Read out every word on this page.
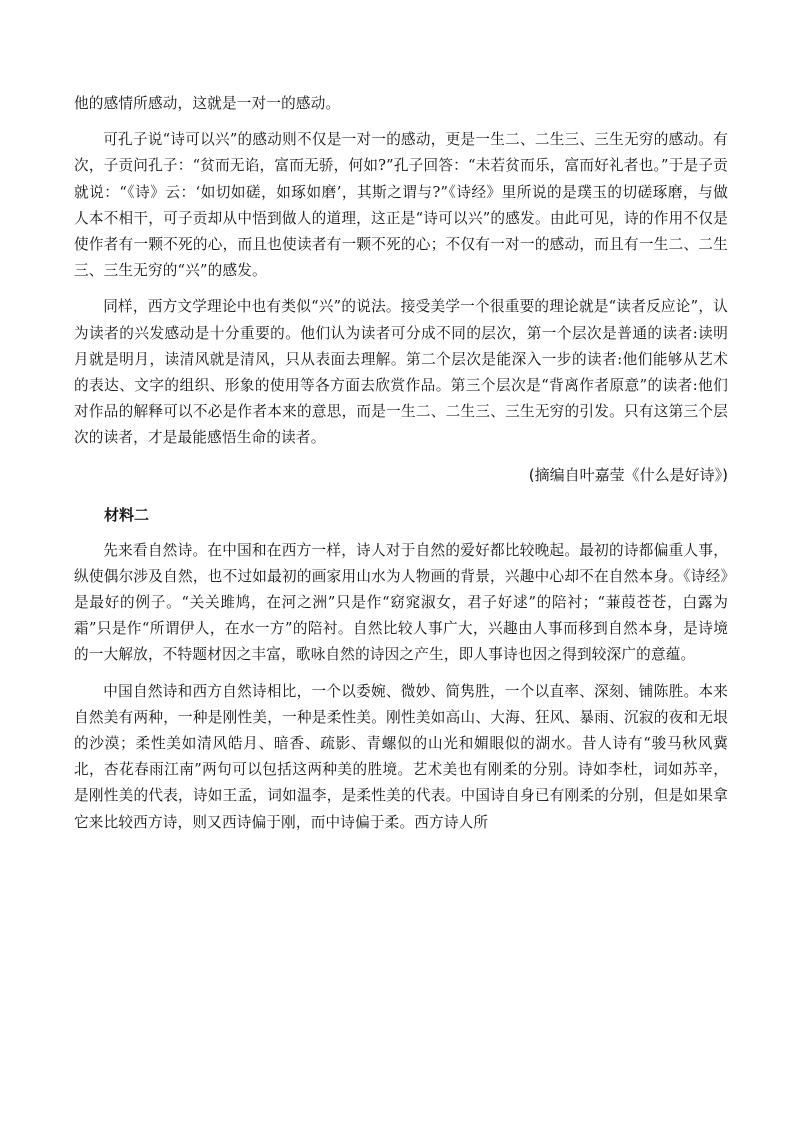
他的感情所感动，这就是一对一的感动。

可孔子说“诗可以兴”的感动则不仅是一对一的感动，更是一生二、二生三、三生无穷的感动。有次，子贡问孔子：“贫而无谄，富而无骄，何如?”孔子回答：“未若贫而乐，富而好礼者也。”于是子贡就说：“《诗》云：‘如切如磋，如琢如磨’，其斯之谓与?”《诗经》里所说的是璞玉的切磋琢磨，与做人本不相干，可子贡却从中悟到做人的道理，这正是“诗可以兴”的感发。由此可见，诗的作用不仅是使作者有一颗不死的心，而且也使读者有一颗不死的心；不仅有一对一的感动，而且有一生二、二生三、三生无穷的“兴”的感发。

同样，西方文学理论中也有类似“兴”的说法。接受美学一个很重要的理论就是“读者反应论”，认为读者的兴发感动是十分重要的。他们认为读者可分成不同的层次，第一个层次是普通的读者:读明月就是明月，读清风就是清风，只从表面去理解。第二个层次是能深入一步的读者:他们能够从艺术的表达、文字的组织、形象的使用等各方面去欣赏作品。第三个层次是“背离作者原意”的读者:他们对作品的解释可以不必是作者本来的意思，而是一生二、二生三、三生无穷的引发。只有这第三个层次的读者，才是最能感悟生命的读者。

(摘编自叶嘉莹《什么是好诗》)

材料二

先来看自然诗。在中国和在西方一样，诗人对于自然的爱好都比较晚起。最初的诗都偏重人事，纵使偶尔涉及自然，也不过如最初的画家用山水为人物画的背景，兴趣中心却不在自然本身。《诗经》是最好的例子。“关关雎鸠，在河之洲”只是作“窈窕淑女，君子好逑”的陪衬；“蒹葭苍苍，白露为霜”只是作“所谓伊人，在水一方”的陪衬。自然比较人事广大，兴趣由人事而移到自然本身，是诗境的一大解放，不特题材因之丰富，歌咏自然的诗因之产生，即人事诗也因之得到较深广的意蕴。

中国自然诗和西方自然诗相比，一个以委婉、微妙、简隽胜，一个以直率、深刻、铺陈胜。本来自然美有两种，一种是刚性美，一种是柔性美。刚性美如高山、大海、狂风、暴雨、沉寂的夜和无垠的沙漠；柔性美如清风皓月、暗香、疏影、青螺似的山光和媚眼似的湖水。昔人诗有“骏马秋风冀北，杏花春雨江南”两句可以包括这两种美的胜境。艺术美也有刚柔的分别。诗如李杜，词如苏辛，是刚性美的代表，诗如王孟，词如温李，是柔性美的代表。中国诗自身已有刚柔的分别，但是如果拿它来比较西方诗，则又西诗偏于刚，而中诗偏于柔。西方诗人所
